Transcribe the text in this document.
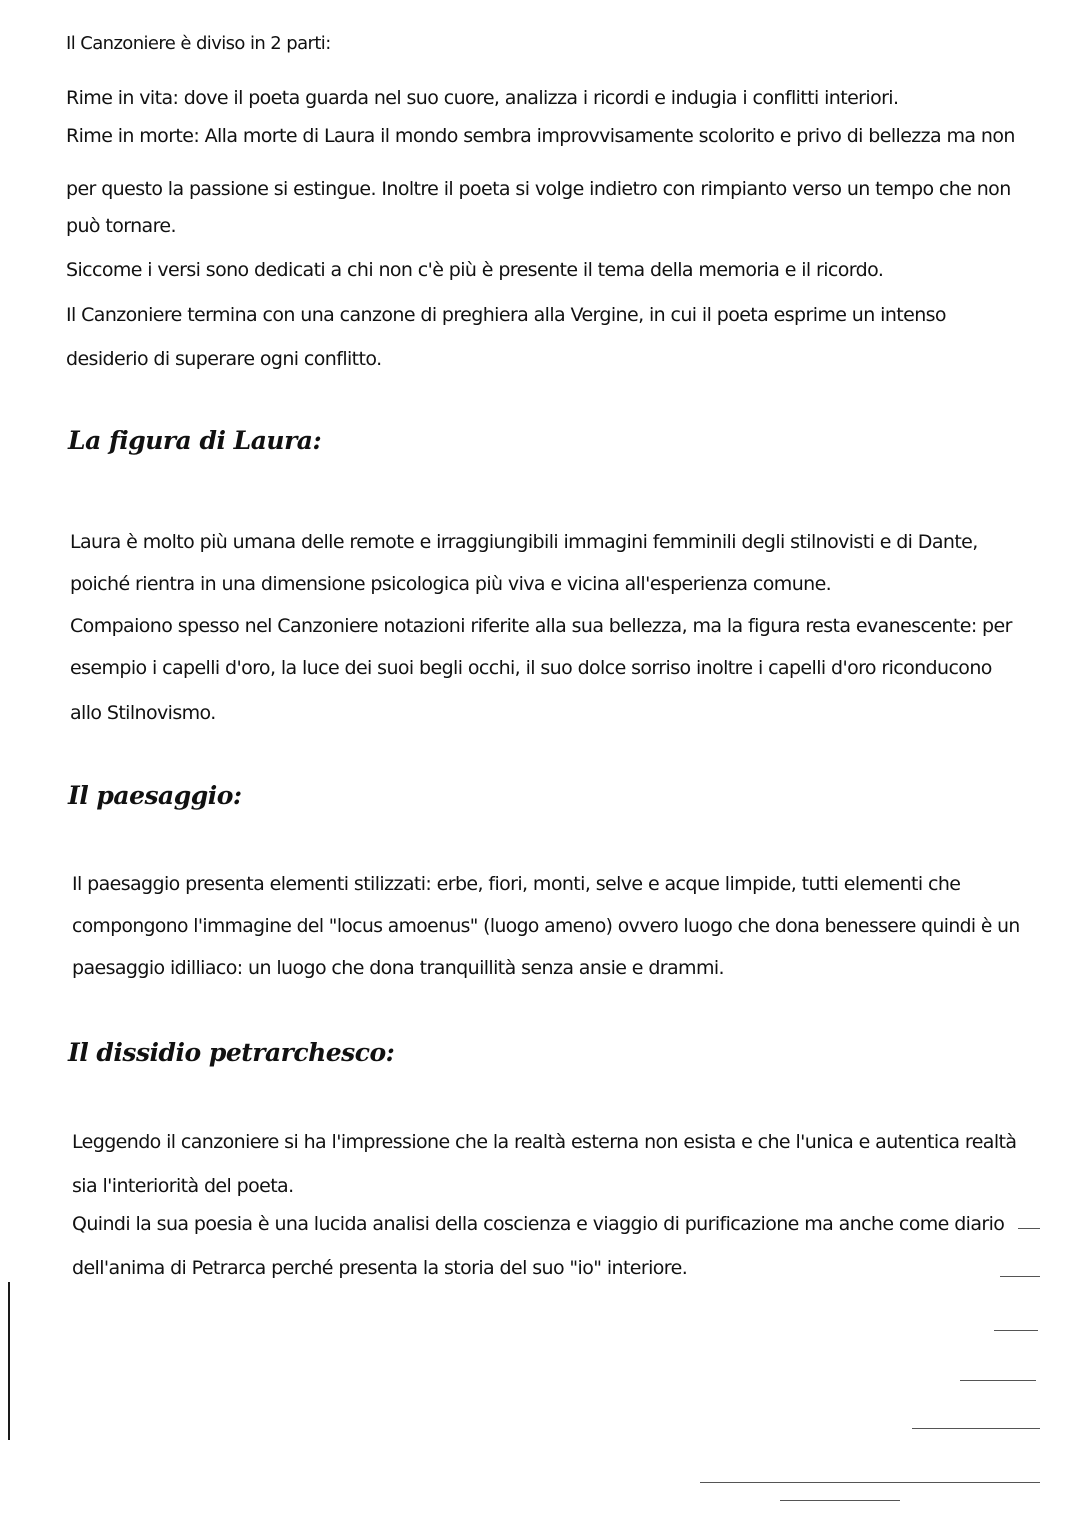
Il Canzoniere è diviso in 2 parti:
Rime in vita: dove il poeta guarda nel suo cuore, analizza i ricordi e indugia i conflitti interiori.
Rime in morte: Alla morte di Laura il mondo sembra improvvisamente scolorito e privo di bellezza ma non
per questo la passione si estingue. Inoltre il poeta si volge indietro con rimpianto verso un tempo che non
può tornare.
Siccome i versi sono dedicati a chi non c'è più è presente il tema della memoria e il ricordo.
Il Canzoniere termina con una canzone di preghiera alla Vergine, in cui il poeta esprime un intenso
desiderio di superare ogni conflitto.
La figura di Laura:
Laura è molto più umana delle remote e irraggiungibili immagini femminili degli stilnovisti e di Dante,
poiché rientra in una dimensione psicologica più viva e vicina all'esperienza comune.
Compaiono spesso nel Canzoniere notazioni riferite alla sua bellezza, ma la figura resta evanescente: per
esempio i capelli d'oro, la luce dei suoi begli occhi, il suo dolce sorriso inoltre i capelli d'oro riconducono
allo Stilnovismo.
Il paesaggio:
Il paesaggio presenta elementi stilizzati: erbe, fiori, monti, selve e acque limpide, tutti elementi che
compongono l'immagine del "locus amoenus" (luogo ameno) ovvero luogo che dona benessere quindi è un
paesaggio idilliaco: un luogo che dona tranquillità senza ansie e drammi.
Il dissidio petrarchesco:
Leggendo il canzoniere si ha l'impressione che la realtà esterna non esista e che l'unica e autentica realtà
sia l'interiorità del poeta.
Quindi la sua poesia è una lucida analisi della coscienza e viaggio di purificazione ma anche come diario
dell'anima di Petrarca perché presenta la storia del suo "io" interiore.
